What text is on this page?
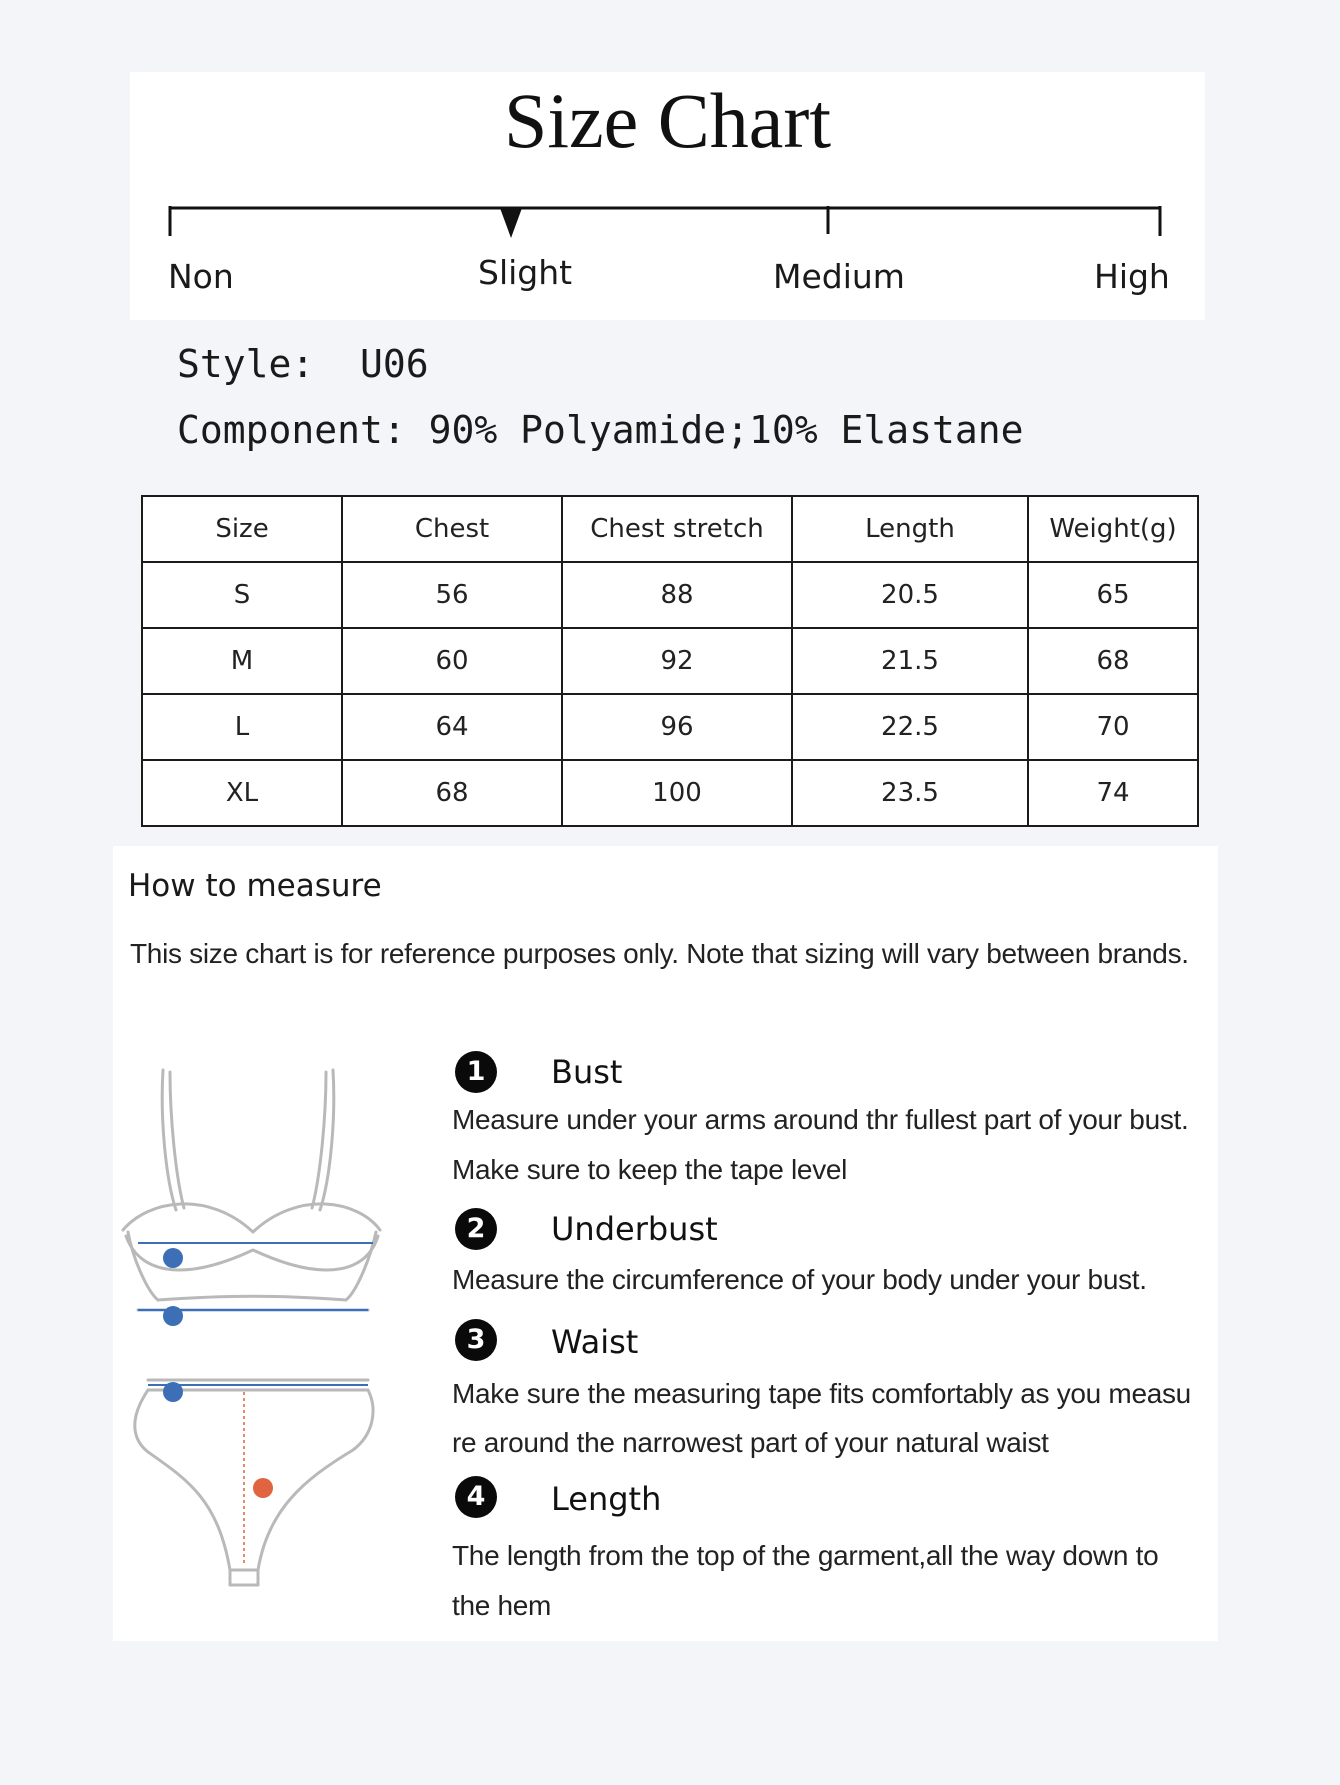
Size Chart
Non	Slight	Medium	High
Style: U06
Component: 90% Polyamide;10% Elastane
Size	Chest	Chest stretch	Length	Weight(g)
S	56	88	20.5	65
M	60	92	21.5	68
L	64	96	22.5	70
XL	68	100	23.5	74
How to measure
This size chart is for reference purposes only. Note that sizing will vary between brands.
1	Bust
Measure under your arms around thr fullest part of your bust.
Make sure to keep the tape level
2	Underbust
Measure the circumference of your body under your bust.
3	Waist
Make sure the measuring tape fits comfortably as you measu
re around the narrowest part of your natural waist
4	Length
The length from the top of the garment,all the way down to
the hem
